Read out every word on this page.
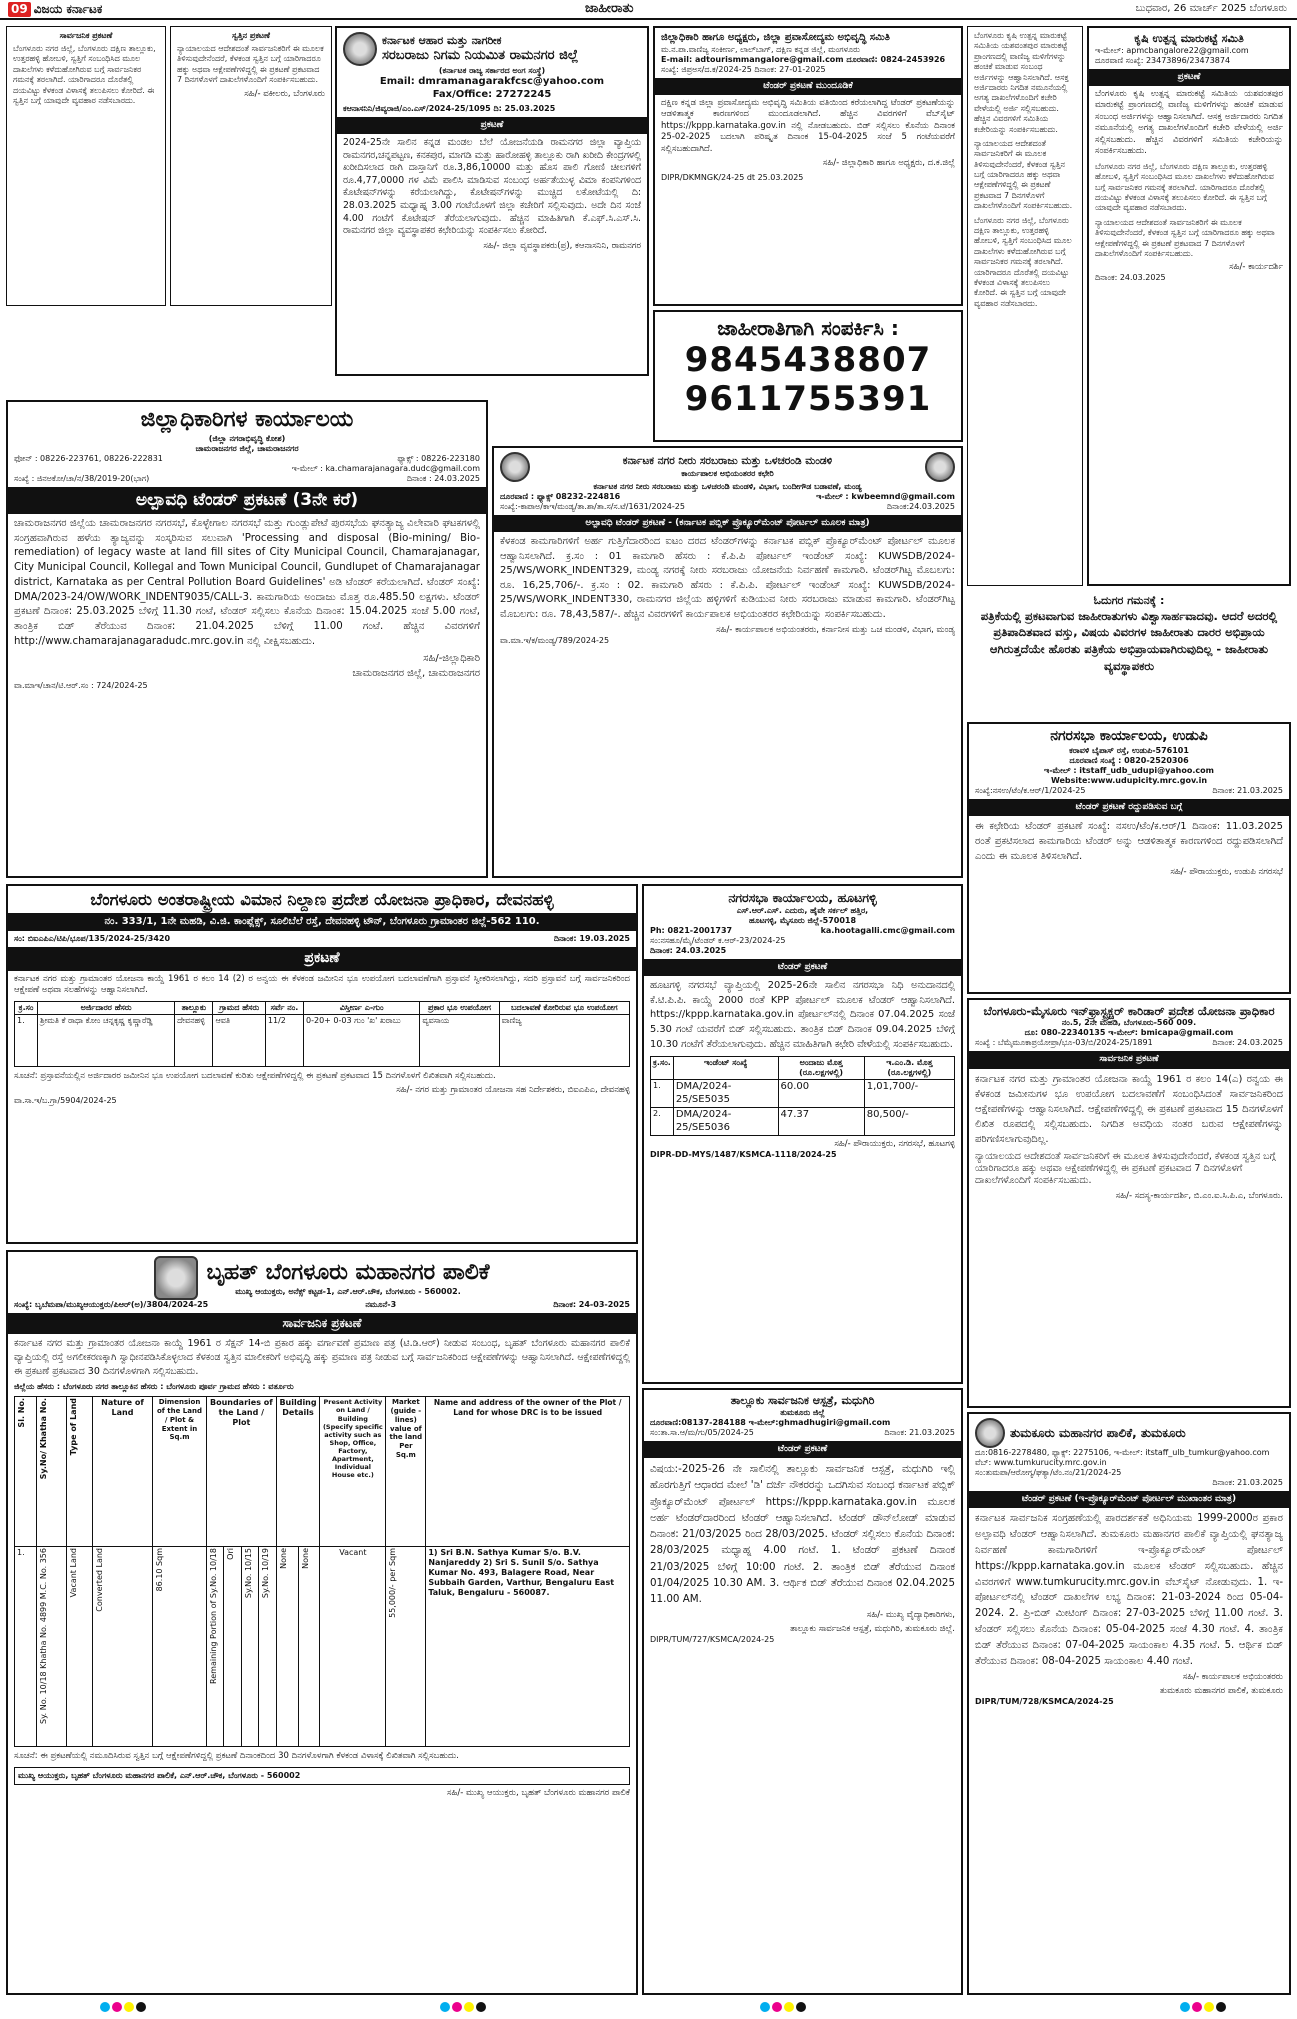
09 ವಿಜಯ ಕರ್ನಾಟಕ	ಜಾಹೀರಾತು	ಬುಧವಾರ, 26 ಮಾರ್ಚ್ 2025 ಬೆಂಗಳೂರು
ಸಾರ್ವಜನಿಕ ಪ್ರಕಟಣೆ
ಬೆಂಗಳೂರು ನಗರ ಜಿಲ್ಲೆ, ಬೆಂಗಳೂರು ದಕ್ಷಿಣ ತಾಲ್ಲೂಕು, ಉತ್ತರಹಳ್ಳಿ ಹೋಬಳಿ, ಸ್ವತ್ತಿಗೆ ಸಂಬಂಧಿಸಿದ ಮೂಲ ದಾಖಲೆಗಳು ಕಳೆದುಹೋಗಿರುವ ಬಗ್ಗೆ ಸಾರ್ವಜನಿಕರ ಗಮನಕ್ಕೆ ತರಲಾಗಿದೆ. ಯಾರಿಗಾದರೂ ದೊರೆತಲ್ಲಿ ದಯವಿಟ್ಟು ಕೆಳಕಂಡ ವಿಳಾಸಕ್ಕೆ ತಲುಪಿಸಲು ಕೋರಿದೆ. ಈ ಸ್ವತ್ತಿನ ಬಗ್ಗೆ ಯಾವುದೇ ವ್ಯವಹಾರ ನಡೆಸಬಾರದು.
ಸ್ವತ್ತಿನ ಪ್ರಕಟಣೆ
ನ್ಯಾಯಾಲಯದ ಆದೇಶದಂತೆ ಸಾರ್ವಜನಿಕರಿಗೆ ಈ ಮೂಲಕ ತಿಳಿಸುವುದೇನೆಂದರೆ, ಕೆಳಕಂಡ ಸ್ವತ್ತಿನ ಬಗ್ಗೆ ಯಾರಿಗಾದರೂ ಹಕ್ಕು ಅಥವಾ ಆಕ್ಷೇಪಣೆಗಳಿದ್ದಲ್ಲಿ ಈ ಪ್ರಕಟಣೆ ಪ್ರಕಟವಾದ 7 ದಿನಗಳೊಳಗೆ ದಾಖಲೆಗಳೊಂದಿಗೆ ಸಂಪರ್ಕಿಸಬಹುದು.
ಸಹಿ/- ವಕೀಲರು, ಬೆಂಗಳೂರು
ಕರ್ನಾಟಕ ಆಹಾರ ಮತ್ತು ನಾಗರೀಕ
ಸರಬರಾಜು ನಿಗಮ ನಿಯಮಿತ ರಾಮನಗರ ಜಿಲ್ಲೆ
(ಕರ್ನಾಟಕ ರಾಜ್ಯ ಸರ್ಕಾರದ ಅಂಗ ಸಂಸ್ಥೆ)
Email: dmramanagarakfcsc@yahoo.com
Fax/Office: 27272245
ಕಆನಾಸನಿನಿ/ಜಿವ್ಯರಾಜಿ/ಎಂ.ಎಸ್/2024-25/1095 ದಿ: 25.03.2025
ಪ್ರಕಟಣೆ
2024-25ನೇ ಸಾಲಿನ ಕನ್ನಡ ಮಂಡಲ ಬೆಲೆ ಯೋಜನೆಯಡಿ ರಾಮನಗರ ಜಿಲ್ಲಾ ವ್ಯಾಪ್ತಿಯ ರಾಮನಗರ,ಚನ್ನಪಟ್ಟಣ, ಕನಕಪುರ, ಮಾಗಡಿ ಮತ್ತು ಹಾರೋಹಳ್ಳಿ ತಾಲ್ಲೂಕು ರಾಗಿ ಖರೀದಿ ಕೇಂದ್ರಗಳಲ್ಲಿ ಖರೀದಿಸಲಾದ ರಾಗಿ ದಾಸ್ತಾನಿಗೆ ರೂ.3,86,10000 ಮತ್ತು ಹೊಸ ಪಾಲಿ ಗೋಣಿ ಚೀಲಗಳಿಗೆ ರೂ.4,77,0000 ಗಳ ವಿಮೆ ಪಾಲಿಸಿ ಮಾಡಿಸುವ ಸಂಬಂಧ ಅರ್ಹತೆಯುಳ್ಳ ವಿಮಾ ಕಂಪನಿಗಳಿಂದ ಕೊಟೇಷನ್‌ಗಳನ್ನು ಕರೆಯಲಾಗಿದ್ದು, ಕೊಟೇಷನ್‌ಗಳನ್ನು ಮುಚ್ಚಿದ ಲಕೋಟೆಯಲ್ಲಿ ದಿ: 28.03.2025 ಮಧ್ಯಾಹ್ನ 3.00 ಗಂಟೆಯೊಳಗೆ ಜಿಲ್ಲಾ ಕಚೇರಿಗೆ ಸಲ್ಲಿಸುವುದು. ಅದೇ ದಿನ ಸಂಜೆ 4.00 ಗಂಟೆಗೆ ಕೊಟೇಷನ್ ತೆರೆಯಲಾಗುವುದು. ಹೆಚ್ಚಿನ ಮಾಹಿತಿಗಾಗಿ ಕೆ.ಎಫ್.ಸಿ.ಎಸ್.ಸಿ. ರಾಮನಗರ ಜಿಲ್ಲಾ ವ್ಯವಸ್ಥಾಪಕರ ಕಛೇರಿಯನ್ನು ಸಂಪರ್ಕಿಸಲು ಕೋರಿದೆ.
ಸಹಿ/- ಜಿಲ್ಲಾ ವ್ಯವಸ್ಥಾಪಕರು(ಪ್ರ), ಕಆನಾಸನಿನಿ, ರಾಮನಗರ
ಜಿಲ್ಲಾಧಿಕಾರಿ ಹಾಗೂ ಅಧ್ಯಕ್ಷರು, ಜಿಲ್ಲಾ ಪ್ರವಾಸೋದ್ಯಮ ಅಭಿವೃದ್ಧಿ ಸಮಿತಿ
ಮ.ನ.ಪಾ.ವಾಣಿಜ್ಯ ಸಂಕೀರ್ಣ, ಲಾಲ್‌ಬಾಗ್, ದಕ್ಷಿಣ ಕನ್ನಡ ಜಿಲ್ಲೆ, ಮಂಗಳೂರು
E-mail: adtourismmangalore@gmail.com ದೂರವಾಣಿ: 0824-2453926
ಸಂಖ್ಯೆ: ಜಿಪ್ರಅಸ/ದ.ಕ/2024-25 ದಿನಾಂಕ: 27-01-2025
ಟೆಂಡರ್ ಪ್ರಕಟಣೆ ಮುಂದೂಡಿಕೆ
ದಕ್ಷಿಣ ಕನ್ನಡ ಜಿಲ್ಲಾ ಪ್ರವಾಸೋದ್ಯಮ ಅಭಿವೃದ್ಧಿ ಸಮಿತಿಯ ವತಿಯಿಂದ ಕರೆಯಲಾಗಿದ್ದ ಟೆಂಡರ್ ಪ್ರಕಟಣೆಯನ್ನು ಆಡಳಿತಾತ್ಮಕ ಕಾರಣಗಳಿಂದ ಮುಂದೂಡಲಾಗಿದೆ. ಹೆಚ್ಚಿನ ವಿವರಗಳಿಗೆ ವೆಬ್‌ಸೈಟ್ https://kppp.karnataka.gov.in ನಲ್ಲಿ ನೋಡಬಹುದು. ಬಿಡ್ ಸಲ್ಲಿಸಲು ಕೊನೆಯ ದಿನಾಂಕ 25-02-2025 ಬದಲಾಗಿ ಪರಿಷ್ಕೃತ ದಿನಾಂಕ 15-04-2025 ಸಂಜೆ 5 ಗಂಟೆಯವರೆಗೆ ಸಲ್ಲಿಸಬಹುದಾಗಿದೆ.
ಸಹಿ/- ಜಿಲ್ಲಾಧಿಕಾರಿ ಹಾಗೂ ಅಧ್ಯಕ್ಷರು, ದ.ಕ.ಜಿಲ್ಲೆ
DIPR/DKMNGK/24-25 dt 25.03.2025
ಜಾಹೀರಾತಿಗಾಗಿ ಸಂಪರ್ಕಿಸಿ :
9845438807
9611755391
ಬೆಂಗಳೂರು ಕೃಷಿ ಉತ್ಪನ್ನ ಮಾರುಕಟ್ಟೆ ಸಮಿತಿಯ ಯಶವಂತಪುರ ಮಾರುಕಟ್ಟೆ ಪ್ರಾಂಗಣದಲ್ಲಿ ವಾಣಿಜ್ಯ ಮಳಿಗೆಗಳನ್ನು ಹಂಚಿಕೆ ಮಾಡುವ ಸಂಬಂಧ ಅರ್ಜಿಗಳನ್ನು ಆಹ್ವಾನಿಸಲಾಗಿದೆ. ಆಸಕ್ತ ಅರ್ಜಿದಾರರು ನಿಗದಿತ ನಮೂನೆಯಲ್ಲಿ ಅಗತ್ಯ ದಾಖಲೆಗಳೊಂದಿಗೆ ಕಚೇರಿ ವೇಳೆಯಲ್ಲಿ ಅರ್ಜಿ ಸಲ್ಲಿಸಬಹುದು. ಹೆಚ್ಚಿನ ವಿವರಗಳಿಗೆ ಸಮಿತಿಯ ಕಚೇರಿಯನ್ನು ಸಂಪರ್ಕಿಸಬಹುದು.
ನ್ಯಾಯಾಲಯದ ಆದೇಶದಂತೆ ಸಾರ್ವಜನಿಕರಿಗೆ ಈ ಮೂಲಕ ತಿಳಿಸುವುದೇನೆಂದರೆ, ಕೆಳಕಂಡ ಸ್ವತ್ತಿನ ಬಗ್ಗೆ ಯಾರಿಗಾದರೂ ಹಕ್ಕು ಅಥವಾ ಆಕ್ಷೇಪಣೆಗಳಿದ್ದಲ್ಲಿ ಈ ಪ್ರಕಟಣೆ ಪ್ರಕಟವಾದ 7 ದಿನಗಳೊಳಗೆ ದಾಖಲೆಗಳೊಂದಿಗೆ ಸಂಪರ್ಕಿಸಬಹುದು.
ಬೆಂಗಳೂರು ನಗರ ಜಿಲ್ಲೆ, ಬೆಂಗಳೂರು ದಕ್ಷಿಣ ತಾಲ್ಲೂಕು, ಉತ್ತರಹಳ್ಳಿ ಹೋಬಳಿ, ಸ್ವತ್ತಿಗೆ ಸಂಬಂಧಿಸಿದ ಮೂಲ ದಾಖಲೆಗಳು ಕಳೆದುಹೋಗಿರುವ ಬಗ್ಗೆ ಸಾರ್ವಜನಿಕರ ಗಮನಕ್ಕೆ ತರಲಾಗಿದೆ. ಯಾರಿಗಾದರೂ ದೊರೆತಲ್ಲಿ ದಯವಿಟ್ಟು ಕೆಳಕಂಡ ವಿಳಾಸಕ್ಕೆ ತಲುಪಿಸಲು ಕೋರಿದೆ. ಈ ಸ್ವತ್ತಿನ ಬಗ್ಗೆ ಯಾವುದೇ ವ್ಯವಹಾರ ನಡೆಸಬಾರದು.
ಕೃಷಿ ಉತ್ಪನ್ನ ಮಾರುಕಟ್ಟೆ ಸಮಿತಿ
ಇ-ಮೇಲ್: apmcbangalore22@gmail.com
ದೂರವಾಣಿ ಸಂಖ್ಯೆ: 23473896/23473874
ಪ್ರಕಟಣೆ
ಬೆಂಗಳೂರು ಕೃಷಿ ಉತ್ಪನ್ನ ಮಾರುಕಟ್ಟೆ ಸಮಿತಿಯ ಯಶವಂತಪುರ ಮಾರುಕಟ್ಟೆ ಪ್ರಾಂಗಣದಲ್ಲಿ ವಾಣಿಜ್ಯ ಮಳಿಗೆಗಳನ್ನು ಹಂಚಿಕೆ ಮಾಡುವ ಸಂಬಂಧ ಅರ್ಜಿಗಳನ್ನು ಆಹ್ವಾನಿಸಲಾಗಿದೆ. ಆಸಕ್ತ ಅರ್ಜಿದಾರರು ನಿಗದಿತ ನಮೂನೆಯಲ್ಲಿ ಅಗತ್ಯ ದಾಖಲೆಗಳೊಂದಿಗೆ ಕಚೇರಿ ವೇಳೆಯಲ್ಲಿ ಅರ್ಜಿ ಸಲ್ಲಿಸಬಹುದು. ಹೆಚ್ಚಿನ ವಿವರಗಳಿಗೆ ಸಮಿತಿಯ ಕಚೇರಿಯನ್ನು ಸಂಪರ್ಕಿಸಬಹುದು.
ಬೆಂಗಳೂರು ನಗರ ಜಿಲ್ಲೆ, ಬೆಂಗಳೂರು ದಕ್ಷಿಣ ತಾಲ್ಲೂಕು, ಉತ್ತರಹಳ್ಳಿ ಹೋಬಳಿ, ಸ್ವತ್ತಿಗೆ ಸಂಬಂಧಿಸಿದ ಮೂಲ ದಾಖಲೆಗಳು ಕಳೆದುಹೋಗಿರುವ ಬಗ್ಗೆ ಸಾರ್ವಜನಿಕರ ಗಮನಕ್ಕೆ ತರಲಾಗಿದೆ. ಯಾರಿಗಾದರೂ ದೊರೆತಲ್ಲಿ ದಯವಿಟ್ಟು ಕೆಳಕಂಡ ವಿಳಾಸಕ್ಕೆ ತಲುಪಿಸಲು ಕೋರಿದೆ. ಈ ಸ್ವತ್ತಿನ ಬಗ್ಗೆ ಯಾವುದೇ ವ್ಯವಹಾರ ನಡೆಸಬಾರದು.
ನ್ಯಾಯಾಲಯದ ಆದೇಶದಂತೆ ಸಾರ್ವಜನಿಕರಿಗೆ ಈ ಮೂಲಕ ತಿಳಿಸುವುದೇನೆಂದರೆ, ಕೆಳಕಂಡ ಸ್ವತ್ತಿನ ಬಗ್ಗೆ ಯಾರಿಗಾದರೂ ಹಕ್ಕು ಅಥವಾ ಆಕ್ಷೇಪಣೆಗಳಿದ್ದಲ್ಲಿ ಈ ಪ್ರಕಟಣೆ ಪ್ರಕಟವಾದ 7 ದಿನಗಳೊಳಗೆ ದಾಖಲೆಗಳೊಂದಿಗೆ ಸಂಪರ್ಕಿಸಬಹುದು.
ಸಹಿ/- ಕಾರ್ಯದರ್ಶಿ
ದಿನಾಂಕ: 24.03.2025
ಓದುಗರ ಗಮನಕ್ಕೆ :
ಪತ್ರಿಕೆಯಲ್ಲಿ ಪ್ರಕಟವಾಗುವ ಜಾಹೀರಾತುಗಳು ವಿಶ್ವಾಸಾರ್ಹವಾದವು. ಆದರೆ ಅದರಲ್ಲಿ ಪ್ರತಿಪಾದಿತವಾದ ವಸ್ತು, ವಿಷಯ ವಿವರಗಳ ಜಾಹೀರಾತು ದಾರರ ಅಭಿಪ್ರಾಯ ಆಗಿರುತ್ತದೆಯೇ ಹೊರತು ಪತ್ರಿಕೆಯ ಅಭಿಪ್ರಾಯವಾಗಿರುವುದಿಲ್ಲ - ಜಾಹೀರಾತು ವ್ಯವಸ್ಥಾಪಕರು
ಜಿಲ್ಲಾಧಿಕಾರಿಗಳ ಕಾರ್ಯಾಲಯ
(ಜಿಲ್ಲಾ ನಗರಾಭಿವೃದ್ಧಿ ಕೋಶ)
ಚಾಮರಾಜನಗರ ಜಿಲ್ಲೆ, ಚಾಮರಾಜನಗರ
ಫೋನ್ : 08226-223761, 08226-222831	ಫ್ಯಾಕ್ಸ್ : 08226-223180
ಇ-ಮೇಲ್ : ka.chamarajanagara.dudc@gmail.com
ಸಂಖ್ಯೆ : ಜಿನಅಕೋ/ಚಾ/ನ/38/2019-20(ಭಾಗ)	ದಿನಾಂಕ : 24.03.2025
ಅಲ್ಪಾವಧಿ ಟೆಂಡರ್ ಪ್ರಕಟಣೆ (3ನೇ ಕರೆ)
ಚಾಮರಾಜನಗರ ಜಿಲ್ಲೆಯ ಚಾಮರಾಜನಗರ ನಗರಸಭೆ, ಕೊಳ್ಳೇಗಾಲ ನಗರಸಭೆ ಮತ್ತು ಗುಂಡ್ಲುಪೇಟೆ ಪುರಸಭೆಯ ಘನತ್ಯಾಜ್ಯ ವಿಲೇವಾರಿ ಘಟಕಗಳಲ್ಲಿ ಸಂಗ್ರಹವಾಗಿರುವ ಹಳೆಯ ತ್ಯಾಜ್ಯವನ್ನು ಸಂಸ್ಕರಿಸುವ ಸಲುವಾಗಿ 'Processing and disposal (Bio-mining/ Bio-remediation) of legacy waste at land fill sites of City Municipal Council, Chamarajanagar, City Municipal Council, Kollegal and Town Municipal Council, Gundlupet of Chamarajanagar district, Karnataka as per Central Pollution Board Guidelines' ಅಡಿ ಟೆಂಡರ್ ಕರೆಯಲಾಗಿದೆ. ಟೆಂಡರ್ ಸಂಖ್ಯೆ: DMA/2023-24/OW/WORK_INDENT9035/CALL-3. ಕಾಮಗಾರಿಯ ಅಂದಾಜು ಮೊತ್ತ ರೂ.485.50 ಲಕ್ಷಗಳು. ಟೆಂಡರ್ ಪ್ರಕಟಣೆ ದಿನಾಂಕ: 25.03.2025 ಬೆಳಿಗ್ಗೆ 11.30 ಗಂಟೆ, ಟೆಂಡರ್ ಸಲ್ಲಿಸಲು ಕೊನೆಯ ದಿನಾಂಕ: 15.04.2025 ಸಂಜೆ 5.00 ಗಂಟೆ, ತಾಂತ್ರಿಕ ಬಿಡ್ ತೆರೆಯುವ ದಿನಾಂಕ: 21.04.2025 ಬೆಳಿಗ್ಗೆ 11.00 ಗಂಟೆ. ಹೆಚ್ಚಿನ ವಿವರಗಳಿಗೆ http://www.chamarajanagaradudc.mrc.gov.in ನಲ್ಲಿ ವೀಕ್ಷಿಸಬಹುದು.
ಸಹಿ/-ಜಿಲ್ಲಾಧಿಕಾರಿ
ಚಾಮರಾಜನಗರ ಜಿಲ್ಲೆ, ಚಾಮರಾಜನಗರ
ವಾ.ಮಾಇ/ಚಾನ/ಟಿ.ಆರ್.ಸಂ : 724/2024-25
ಕರ್ನಾಟಕ ನಗರ ನೀರು ಸರಬರಾಜು ಮತ್ತು ಒಳಚರಂಡಿ ಮಂಡಳಿ
ಕಾರ್ಯಪಾಲಕ ಅಭಿಯಂತರರ ಕಛೇರಿ
ಕರ್ನಾಟಕ ನಗರ ನೀರು ಸರಬರಾಜು ಮತ್ತು ಒಳಚರಂಡಿ ಮಂಡಳಿ, ವಿಭಾಗ, ಬಂದೀಗೌಡ ಬಡಾವಣೆ, ಮಂಡ್ಯ
ದೂರವಾಣಿ : ಫ್ಯಾಕ್ಸ್ 08232-224816	ಇ-ಮೇಲ್ : kwbeemnd@gmail.com
ಸಂಖ್ಯೆ:-ಕಾಪಾಅ/ಕಾಇ/ಮಂಡ್ಯ/ತಾ.ಶಾ/ತಾ.ಸ/ಸ.ಟೆ/1631/2024-25	ದಿನಾಂಕ:24.03.2025
ಅಲ್ಪಾವಧಿ ಟೆಂಡರ್ ಪ್ರಕಟಣೆ - (ಕರ್ನಾಟಕ ಪಬ್ಲಿಕ್ ಪ್ರೊಕ್ಯೂರ್‌ಮೆಂಟ್ ಪೋರ್ಟಲ್ ಮೂಲಕ ಮಾತ್ರ)
ಕೆಳಕಂಡ ಕಾಮಗಾರಿಗಳಿಗೆ ಅರ್ಹ ಗುತ್ತಿಗೆದಾರರಿಂದ ಐಟಂ ದರದ ಟೆಂಡರ್‌ಗಳನ್ನು ಕರ್ನಾಟಕ ಪಬ್ಲಿಕ್ ಪ್ರೊಕ್ಯೂರ್‌ಮೆಂಟ್ ಪೋರ್ಟಲ್ ಮೂಲಕ ಆಹ್ವಾನಿಸಲಾಗಿದೆ. ಕ್ರ.ಸಂ : 01 ಕಾಮಗಾರಿ ಹೆಸರು : ಕೆ.ಪಿ.ಪಿ ಪೋರ್ಟಲ್ ಇಂಡೆಂಟ್ ಸಂಖ್ಯೆ: KUWSDB/2024-25/WS/WORK_INDENT329, ಮಂಡ್ಯ ನಗರಕ್ಕೆ ನೀರು ಸರಬರಾಜು ಯೋಜನೆಯ ನಿರ್ವಹಣೆ ಕಾಮಗಾರಿ. ಟೆಂಡರ್‌ಗಿಟ್ಟ ಮೊಬಲಗು: ರೂ. 16,25,706/-. ಕ್ರ.ಸಂ : 02. ಕಾಮಗಾರಿ ಹೆಸರು : ಕೆ.ಪಿ.ಪಿ. ಪೋರ್ಟಲ್ ಇಂಡೆಂಟ್ ಸಂಖ್ಯೆ: KUWSDB/2024-25/WS/WORK_INDENT330, ರಾಮನಗರ ಜಿಲ್ಲೆಯ ಹಳ್ಳಿಗಳಿಗೆ ಕುಡಿಯುವ ನೀರು ಸರಬರಾಜು ಮಾಡುವ ಕಾಮಗಾರಿ. ಟೆಂಡರ್‌ಗಿಟ್ಟ ಮೊಬಲಗು: ರೂ. 78,43,587/-. ಹೆಚ್ಚಿನ ವಿವರಗಳಿಗೆ ಕಾರ್ಯಪಾಲಕ ಅಭಿಯಂತರರ ಕಛೇರಿಯನ್ನು ಸಂಪರ್ಕಿಸಬಹುದು.
ಸಹಿ/- ಕಾರ್ಯಪಾಲಕ ಅಭಿಯಂತರರು, ಕರ್ನಾನೀಸ ಮತ್ತು ಒಚ ಮಂಡಳಿ, ವಿಭಾಗ, ಮಂಡ್ಯ
ವಾ.ಮಾ.ಇ/ಕ/ಮಂಡ್ಯ/789/2024-25
ನಗರಸಭಾ ಕಾರ್ಯಾಲಯ, ಉಡುಪಿ
ಕರಾವಳಿ ಬೈಪಾಸ್ ರಸ್ತೆ, ಉಡುಪಿ-576101
ದೂರವಾಣಿ ಸಂಖ್ಯೆ : 0820-2520306
ಇ-ಮೇಲ್ : itstaff_udb_udupi@yahoo.com
Website:www.udupicity.mrc.gov.in
ಸಂಖ್ಯೆ:ನಸಉ/ಟೆಂ/ಕ.ಆರ್/1/2024-25	ದಿನಾಂಕ: 21.03.2025
ಟೆಂಡರ್ ಪ್ರಕಟಣೆ ರದ್ದುಪಡಿಸುವ ಬಗ್ಗೆ
ಈ ಕಛೇರಿಯ ಟೆಂಡರ್ ಪ್ರಕಟಣೆ ಸಂಖ್ಯೆ: ನಸಉ/ಟೆಂ/ಕ.ಆರ್/1 ದಿನಾಂಕ: 11.03.2025 ರಂತೆ ಪ್ರಕಟಿಸಲಾದ ಕಾಮಗಾರಿಯ ಟೆಂಡರ್ ಅನ್ನು ಆಡಳಿತಾತ್ಮಕ ಕಾರಣಗಳಿಂದ ರದ್ದುಪಡಿಸಲಾಗಿದೆ ಎಂದು ಈ ಮೂಲಕ ತಿಳಿಸಲಾಗಿದೆ.
ಸಹಿ/- ಪೌರಾಯುಕ್ತರು, ಉಡುಪಿ ನಗರಸಭೆ
ಬೆಂಗಳೂರು-ಮೈಸೂರು ಇನ್‌ಫ್ರಾಸ್ಟ್ರಕ್ಚರ್ ಕಾರಿಡಾರ್ ಪ್ರದೇಶ ಯೋಜನಾ ಪ್ರಾಧಿಕಾರ
ನಂ.5, 2ನೇ ಮಹಡಿ, ಬೆಂಗಳೂರು-560 009.
ದೂ: 080-22340135 ಇ-ಮೇಲ್: bmicapa@gmail.com
ಸಂಖ್ಯೆ : ಬೆಮೈಮೂಕಾಪ್ರಯೋಪ್ರಾ/ಭೂ-03/ಬಿ/2024-25/1891	ದಿನಾಂಕ: 24.03.2025
ಸಾರ್ವಜನಿಕ ಪ್ರಕಟಣೆ
ಕರ್ನಾಟಕ ನಗರ ಮತ್ತು ಗ್ರಾಮಾಂತರ ಯೋಜನಾ ಕಾಯ್ದೆ 1961 ರ ಕಲಂ 14(ಎ) ರನ್ವಯ ಈ ಕೆಳಕಂಡ ಜಮೀನುಗಳ ಭೂ ಉಪಯೋಗ ಬದಲಾವಣೆಗೆ ಸಂಬಂಧಿಸಿದಂತೆ ಸಾರ್ವಜನಿಕರಿಂದ ಆಕ್ಷೇಪಣೆಗಳನ್ನು ಆಹ್ವಾನಿಸಲಾಗಿದೆ. ಆಕ್ಷೇಪಣೆಗಳಿದ್ದಲ್ಲಿ ಈ ಪ್ರಕಟಣೆ ಪ್ರಕಟವಾದ 15 ದಿನಗಳೊಳಗೆ ಲಿಖಿತ ರೂಪದಲ್ಲಿ ಸಲ್ಲಿಸಬಹುದು. ನಿಗದಿತ ಅವಧಿಯ ನಂತರ ಬರುವ ಆಕ್ಷೇಪಣೆಗಳನ್ನು ಪರಿಗಣಿಸಲಾಗುವುದಿಲ್ಲ.
ನ್ಯಾಯಾಲಯದ ಆದೇಶದಂತೆ ಸಾರ್ವಜನಿಕರಿಗೆ ಈ ಮೂಲಕ ತಿಳಿಸುವುದೇನೆಂದರೆ, ಕೆಳಕಂಡ ಸ್ವತ್ತಿನ ಬಗ್ಗೆ ಯಾರಿಗಾದರೂ ಹಕ್ಕು ಅಥವಾ ಆಕ್ಷೇಪಣೆಗಳಿದ್ದಲ್ಲಿ ಈ ಪ್ರಕಟಣೆ ಪ್ರಕಟವಾದ 7 ದಿನಗಳೊಳಗೆ ದಾಖಲೆಗಳೊಂದಿಗೆ ಸಂಪರ್ಕಿಸಬಹುದು.
ಸಹಿ/- ಸದಸ್ಯ-ಕಾರ್ಯದರ್ಶಿ, ಬಿ.ಎಂ.ಐ.ಸಿ.ಪಿ.ಎ, ಬೆಂಗಳೂರು.
ಬೆಂಗಳೂರು ಅಂತರಾಷ್ಟ್ರೀಯ ವಿಮಾನ ನಿಲ್ದಾಣ ಪ್ರದೇಶ ಯೋಜನಾ ಪ್ರಾಧಿಕಾರ, ದೇವನಹಳ್ಳಿ
ನಂ. 333/1, 1ನೇ ಮಹಡಿ, ವಿ.ಜಿ. ಕಾಂಪ್ಲೆಕ್ಸ್, ಸೂಲಿಬೆಲೆ ರಸ್ತೆ, ದೇವನಹಳ್ಳಿ ಟೌನ್, ಬೆಂಗಳೂರು ಗ್ರಾಮಾಂತರ ಜಿಲ್ಲೆ-562 110.
ಸಂ: ಬಿಐಎಪಿಎ/ಟಿಪಿ/ಭೂಪ/135/2024-25/3420	ದಿನಾಂಕ: 19.03.2025
ಪ್ರಕಟಣೆ
ಕರ್ನಾಟಕ ನಗರ ಮತ್ತು ಗ್ರಾಮಾಂತರ ಯೋಜನಾ ಕಾಯ್ದೆ 1961 ರ ಕಲಂ 14 (2) ರ ಅನ್ವಯ ಈ ಕೆಳಕಂಡ ಜಮೀನಿನ ಭೂ ಉಪಯೋಗ ಬದಲಾವಣೆಗಾಗಿ ಪ್ರಸ್ತಾವನೆ ಸ್ವೀಕರಿಸಲಾಗಿದ್ದು, ಸದರಿ ಪ್ರಸ್ತಾವನೆ ಬಗ್ಗೆ ಸಾರ್ವಜನಿಕರಿಂದ ಆಕ್ಷೇಪಣೆ ಅಥವಾ ಸಲಹೆಗಳನ್ನು ಆಹ್ವಾನಿಸಲಾಗಿದೆ.
ಕ್ರ.ಸಂ	ಅರ್ಜಿದಾರರ ಹೆಸರು	ತಾಲ್ಲೂಕು	ಗ್ರಾಮದ ಹೆಸರು	ಸರ್ವೆ ನಂ.	ವಿಸ್ತೀರ್ಣ ಎ-ಗುಂ	ಪ್ರಕಾರ ಭೂ ಉಪಯೋಗ	ಬದಲಾವಣೆ ಕೋರಿರುವ ಭೂ ಉಪಯೋಗ
1.	ಶ್ರೀಮತಿ ಕೆ ರಾಧಾ ಕೋಂ ಚನ್ನಕೃಷ್ಣ ಕೃಷ್ಣಾರೆಡ್ಡಿ	ದೇವನಹಳ್ಳಿ	ಆವತಿ	11/2	0-20+ 0-03 ಗುಂ 'ಖ' ಖರಾಬು	ವ್ಯವಸಾಯ	ವಾಣಿಜ್ಯ
ಸೂಚನೆ: ಪ್ರಸ್ತಾವನೆಯಲ್ಲಿನ ಅರ್ಜಿದಾರರ ಜಮೀನಿನ ಭೂ ಉಪಯೋಗ ಬದಲಾವಣೆ ಕುರಿತು ಆಕ್ಷೇಪಣೆಗಳಿದ್ದಲ್ಲಿ ಈ ಪ್ರಕಟಣೆ ಪ್ರಕಟವಾದ 15 ದಿನಗಳೊಳಗೆ ಲಿಖಿತವಾಗಿ ಸಲ್ಲಿಸಬಹುದು.
ಸಹಿ/- ನಗರ ಮತ್ತು ಗ್ರಾಮಾಂತರ ಯೋಜನಾ ಸಹ ನಿರ್ದೇಶಕರು, ಬಿಐಎಪಿಎ, ದೇವನಹಳ್ಳಿ
ವಾ.ಸಾ.ಇ/ಬ.ಗ್ರಾ/5904/2024-25
ನಗರಸಭಾ ಕಾರ್ಯಾಲಯ, ಹೂಟಗಳ್ಳಿ
ಎಸ್.ಆರ್.ಎಸ್. ಎದುರು, ಹೈವೇ ಸರ್ಕಲ್ ಹತ್ತಿರ,
ಹೂಟಗಳ್ಳಿ, ಮೈಸೂರು ಜಿಲ್ಲೆ-570018
Ph: 0821-2001737	ka.hootagalli.cmc@gmail.com
ಸಂ:ನಸಹೂ/ಮೈ/ಟೆಂಡರ್ ಕ.ಆರ್-23/2024-25
ದಿನಾಂಕ: 24.03.2025
ಟೆಂಡರ್ ಪ್ರಕಟಣೆ
ಹೂಟಗಳ್ಳಿ ನಗರಸಭೆ ವ್ಯಾಪ್ತಿಯಲ್ಲಿ 2025-26ನೇ ಸಾಲಿನ ನಗರಸಭಾ ನಿಧಿ ಅನುದಾನದಲ್ಲಿ ಕೆ.ಟಿ.ಪಿ.ಪಿ. ಕಾಯ್ದೆ 2000 ರಂತೆ KPP ಪೋರ್ಟಲ್ ಮೂಲಕ ಟೆಂಡರ್ ಆಹ್ವಾನಿಸಲಾಗಿದೆ. https://kppp.karnataka.gov.in ಪೋರ್ಟಲ್‌ನಲ್ಲಿ ದಿನಾಂಕ 07.04.2025 ಸಂಜೆ 5.30 ಗಂಟೆ ಯವರೆಗೆ ಬಿಡ್ ಸಲ್ಲಿಸಬಹುದು. ತಾಂತ್ರಿಕ ಬಿಡ್ ದಿನಾಂಕ 09.04.2025 ಬೆಳಿಗ್ಗೆ 10.30 ಗಂಟೆಗೆ ತೆರೆಯಲಾಗುವುದು. ಹೆಚ್ಚಿನ ಮಾಹಿತಿಗಾಗಿ ಕಛೇರಿ ವೇಳೆಯಲ್ಲಿ ಸಂಪರ್ಕಿಸಬಹುದು.
ಕ್ರ.ಸಂ.	ಇಂಡೆಂಟ್ ಸಂಖ್ಯೆ	ಅಂದಾಜು ಮೊತ್ತ (ರೂ.ಲಕ್ಷಗಳಲ್ಲಿ)	ಇ.ಎಂ.ಡಿ. ಮೊತ್ತ (ರೂ.ಲಕ್ಷಗಳಲ್ಲಿ)
1.	DMA/2024-25/SE5035	60.00	1,01,700/-
2.	DMA/2024-25/SE5036	47.37	80,500/-
ಸಹಿ/- ಪೌರಾಯುಕ್ತರು, ನಗರಸಭೆ, ಹೂಟಗಳ್ಳಿ
DIPR-DD-MYS/1487/KSMCA-1118/2024-25
ಬೃಹತ್ ಬೆಂಗಳೂರು ಮಹಾನಗರ ಪಾಲಿಕೆ
ಮುಖ್ಯ ಆಯುಕ್ತರು, ಅನೆಕ್ಸ್ ಕಟ್ಟಡ-1, ಎನ್.ಆರ್.ಚೌಕ, ಬೆಂಗಳೂರು - 560002.
ಸಂಖ್ಯೆ: ಬೃಬೆಮಪಾ/ಮುಖ್ಯಆಯುಕ್ತರು/ಪಿಆರ್(ಅ)/3804/2024-25	ನಮೂನೆ-3	ದಿನಾಂಕ: 24-03-2025
ಸಾರ್ವಜನಿಕ ಪ್ರಕಟಣೆ
ಕರ್ನಾಟಕ ನಗರ ಮತ್ತು ಗ್ರಾಮಾಂತರ ಯೋಜನಾ ಕಾಯ್ದೆ 1961 ರ ಸೆಕ್ಷನ್ 14-ಬಿ ಪ್ರಕಾರ ಹಕ್ಕು ವರ್ಗಾವಣೆ ಪ್ರಮಾಣ ಪತ್ರ (ಟಿ.ಡಿ.ಆರ್) ನೀಡುವ ಸಂಬಂಧ, ಬೃಹತ್ ಬೆಂಗಳೂರು ಮಹಾನಗರ ಪಾಲಿಕೆ ವ್ಯಾಪ್ತಿಯಲ್ಲಿ ರಸ್ತೆ ಅಗಲೀಕರಣಕ್ಕಾಗಿ ಸ್ವಾಧೀನಪಡಿಸಿಕೊಳ್ಳಲಾದ ಕೆಳಕಂಡ ಸ್ವತ್ತಿನ ಮಾಲೀಕರಿಗೆ ಅಭಿವೃದ್ಧಿ ಹಕ್ಕು ಪ್ರಮಾಣ ಪತ್ರ ನೀಡುವ ಬಗ್ಗೆ ಸಾರ್ವಜನಿಕರಿಂದ ಆಕ್ಷೇಪಣೆಗಳನ್ನು ಆಹ್ವಾನಿಸಲಾಗಿದೆ. ಆಕ್ಷೇಪಣೆಗಳಿದ್ದಲ್ಲಿ ಈ ಪ್ರಕಟಣೆ ಪ್ರಕಟವಾದ 30 ದಿನಗಳೊಳಗಾಗಿ ಸಲ್ಲಿಸಬಹುದು.
ಜಿಲ್ಲೆಯ ಹೆಸರು : ಬೆಂಗಳೂರು ನಗರ ತಾಲ್ಲೂಕಿನ ಹೆಸರು : ಬೆಂಗಳೂರು ಪೂರ್ವ ಗ್ರಾಮದ ಹೆಸರು : ವರ್ತೂರು
Sl. No.	Sy.No/ Khatha No.	Type of Land	Nature of Land	Dimension of the Land / Plot & Extent in Sq.m	Boundaries of the Land / Plot				Building Details		Present Activity on Land / Building (Specify specific activity such as Shop, Office, Factory, Apartment, Individual House etc.)	Market (guide -lines) value of the land Per Sq.m	Name and address of the owner of the Plot / Land for whose DRC is to be issued
1.	Sy. No. 10/18 Khatha No. 4899 M.C. No. 356	Vacant Land	Converted Land	86.10 Sqm	Remaining Portion of Sy.No. 10/18	Ori	Sy.No. 10/15	Sy.No. 10/19	None	None	Vacant	55,000/- per Sqm	1) Sri B.N. Sathya Kumar S/o. B.V. Nanjareddy 2) Sri S. Sunil S/o. Sathya Kumar No. 493, Balagere Road, Near Subbaih Garden, Varthur, Bengaluru East Taluk, Bengaluru - 560087.
ಸೂಚನೆ: ಈ ಪ್ರಕಟಣೆಯಲ್ಲಿ ನಮೂದಿಸಿರುವ ಸ್ವತ್ತಿನ ಬಗ್ಗೆ ಆಕ್ಷೇಪಣೆಗಳಿದ್ದಲ್ಲಿ ಪ್ರಕಟಣೆ ದಿನಾಂಕದಿಂದ 30 ದಿನಗಳೊಳಗಾಗಿ ಕೆಳಕಂಡ ವಿಳಾಸಕ್ಕೆ ಲಿಖಿತವಾಗಿ ಸಲ್ಲಿಸಬಹುದು.
ಮುಖ್ಯ ಆಯುಕ್ತರು, ಬೃಹತ್ ಬೆಂಗಳೂರು ಮಹಾನಗರ ಪಾಲಿಕೆ, ಎನ್.ಆರ್.ಚೌಕ, ಬೆಂಗಳೂರು - 560002
ಸಹಿ/- ಮುಖ್ಯ ಆಯುಕ್ತರು, ಬೃಹತ್ ಬೆಂಗಳೂರು ಮಹಾನಗರ ಪಾಲಿಕೆ
ತಾಲ್ಲೂಕು ಸಾರ್ವಜನಿಕ ಆಸ್ಪತ್ರೆ, ಮಧುಗಿರಿ
ತುಮಕೂರು ಜಿಲ್ಲೆ
ದೂರವಾಣಿ:08137-284188 ಇ-ಮೇಲ್:ghmadhugiri@gmail.com
ಸಂ:ತಾ.ಸಾ.ಆ/ಮ/ಗು/05/2024-25	ದಿನಾಂಕ: 21.03.2025
ಟೆಂಡರ್ ಪ್ರಕಟಣೆ
ವಿಷಯ:-2025-26 ನೇ ಸಾಲಿನಲ್ಲಿ ತಾಲ್ಲೂಕು ಸಾರ್ವಜನಿಕ ಆಸ್ಪತ್ರೆ, ಮಧುಗಿರಿ ಇಲ್ಲಿ ಹೊರಗುತ್ತಿಗೆ ಆಧಾರದ ಮೇಲೆ 'ಡಿ' ದರ್ಜೆ ನೌಕರರನ್ನು ಒದಗಿಸುವ ಸಂಬಂಧ ಕರ್ನಾಟಕ ಪಬ್ಲಿಕ್ ಪ್ರೊಕ್ಯೂರ್‌ಮೆಂಟ್ ಪೋರ್ಟಲ್ https://kppp.karnataka.gov.in ಮೂಲಕ ಅರ್ಹ ಟೆಂಡರ್‌ದಾರರಿಂದ ಟೆಂಡರ್ ಆಹ್ವಾನಿಸಲಾಗಿದೆ. ಟೆಂಡರ್ ಡೌನ್‌ಲೋಡ್ ಮಾಡುವ ದಿನಾಂಕ: 21/03/2025 ರಿಂದ 28/03/2025. ಟೆಂಡರ್ ಸಲ್ಲಿಸಲು ಕೊನೆಯ ದಿನಾಂಕ: 28/03/2025 ಮಧ್ಯಾಹ್ನ 4.00 ಗಂಟೆ. 1. ಟೆಂಡರ್ ಪ್ರಕಟಣೆ ದಿನಾಂಕ 21/03/2025 ಬೆಳಿಗ್ಗೆ 10:00 ಗಂಟೆ. 2. ತಾಂತ್ರಿಕ ಬಿಡ್ ತೆರೆಯುವ ದಿನಾಂಕ 01/04/2025 10.30 AM. 3. ಆರ್ಥಿಕ ಬಿಡ್ ತೆರೆಯುವ ದಿನಾಂಕ 02.04.2025 11.00 AM.
ಸಹಿ/- ಮುಖ್ಯ ವೈದ್ಯಾಧಿಕಾರಿಗಳು,
ತಾಲ್ಲೂಕು ಸಾರ್ವಜನಿಕ ಆಸ್ಪತ್ರೆ, ಮಧುಗಿರಿ, ತುಮಕೂರು ಜಿಲ್ಲೆ.
DIPR/TUM/727/KSMCA/2024-25
ತುಮಕೂರು ಮಹಾನಗರ ಪಾಲಿಕೆ, ತುಮಕೂರು
ದೂ:0816-2278480, ಫ್ಯಾಕ್ಸ್: 2275106, ಇ-ಮೇಲ್: itstaff_ulb_tumkur@yahoo.com ವೆಬ್: www.tumkurucity.mrc.gov.in
ಸಂ:ತುಮಪಾ/ಆರೋಗ್ಯ/ಘತ್ಯಾ/ಟೆಂ.ನಂ/21/2024-25
ದಿನಾಂಕ: 21.03.2025
ಟೆಂಡರ್ ಪ್ರಕಟಣೆ (ಇ-ಪ್ರೊಕ್ಯೂರ್‌ಮೆಂಟ್ ಪೋರ್ಟಲ್ ಮುಖಾಂತರ ಮಾತ್ರ)
ಕರ್ನಾಟಕ ಸಾರ್ವಜನಿಕ ಸಂಗ್ರಹಣೆಯಲ್ಲಿ ಪಾರದರ್ಶಕತೆ ಅಧಿನಿಯಮ 1999-2000ರ ಪ್ರಕಾರ ಅಲ್ಪಾವಧಿ ಟೆಂಡರ್ ಆಹ್ವಾನಿಸಲಾಗಿದೆ. ತುಮಕೂರು ಮಹಾನಗರ ಪಾಲಿಕೆ ವ್ಯಾಪ್ತಿಯಲ್ಲಿ ಘನತ್ಯಾಜ್ಯ ನಿರ್ವಹಣೆ ಕಾಮಗಾರಿಗಳಿಗೆ ಇ-ಪ್ರೊಕ್ಯೂರ್‌ಮೆಂಟ್ ಪೋರ್ಟಲ್ https://kppp.karnataka.gov.in ಮೂಲಕ ಟೆಂಡರ್ ಸಲ್ಲಿಸಬಹುದು. ಹೆಚ್ಚಿನ ವಿವರಗಳಿಗೆ www.tumkurucity.mrc.gov.in ವೆಬ್‌ಸೈಟ್ ನೋಡುವುದು. 1. ಇ-ಪೋರ್ಟಲ್‌ನಲ್ಲಿ ಟೆಂಡರ್ ದಾಖಲೆಗಳ ಲಭ್ಯ ದಿನಾಂಕ: 21-03-2024 ರಿಂದ 05-04-2024. 2. ಪ್ರಿ-ಬಿಡ್ ಮೀಟಿಂಗ್ ದಿನಾಂಕ: 27-03-2025 ಬೆಳಿಗ್ಗೆ 11.00 ಗಂಟೆ. 3. ಟೆಂಡರ್ ಸಲ್ಲಿಸಲು ಕೊನೆಯ ದಿನಾಂಕ: 05-04-2025 ಸಂಜೆ 4.30 ಗಂಟೆ. 4. ತಾಂತ್ರಿಕ ಬಿಡ್ ತೆರೆಯುವ ದಿನಾಂಕ: 07-04-2025 ಸಾಯಂಕಾಲ 4.35 ಗಂಟೆ. 5. ಆರ್ಥಿಕ ಬಿಡ್ ತೆರೆಯುವ ದಿನಾಂಕ: 08-04-2025 ಸಾಯಂಕಾಲ 4.40 ಗಂಟೆ.
ಸಹಿ/- ಕಾರ್ಯಪಾಲಕ ಅಭಿಯಂತರರು
ತುಮಕೂರು ಮಹಾನಗರ ಪಾಲಿಕೆ, ತುಮಕೂರು
DIPR/TUM/728/KSMCA/2024-25
